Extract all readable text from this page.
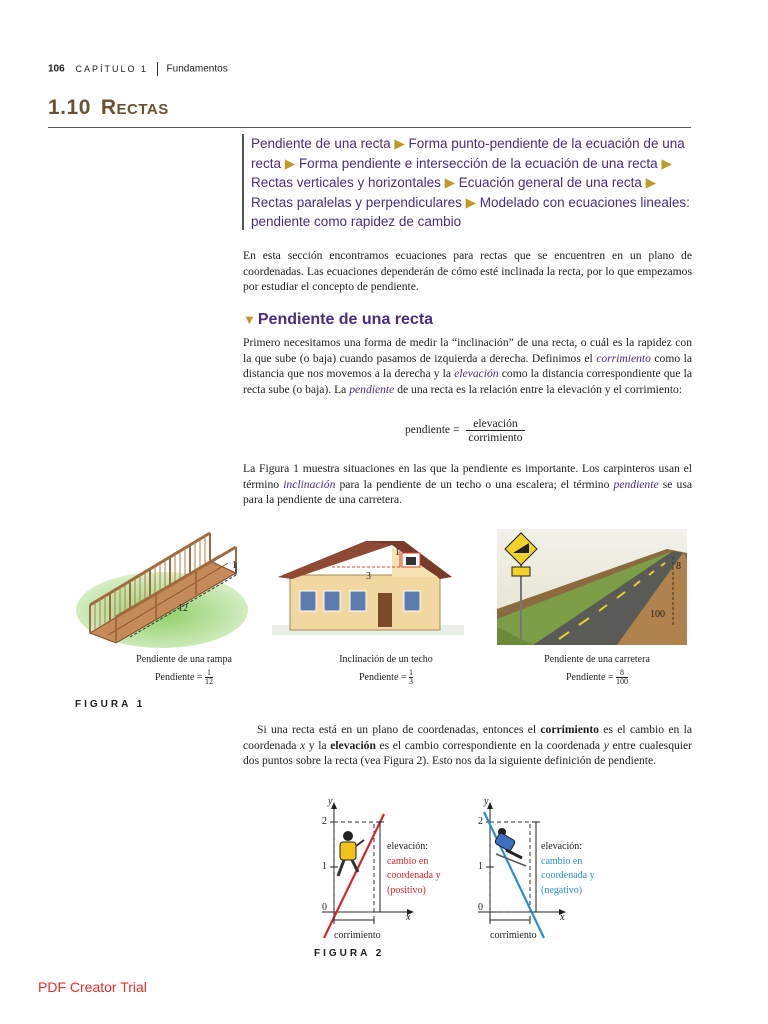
106 CAPÍTULO 1 Fundamentos
1.10 Rectas
Pendiente de una recta ▶ Forma punto-pendiente de la ecuación de una recta ▶ Forma pendiente e intersección de la ecuación de una recta ▶ Rectas verticales y horizontales ▶ Ecuación general de una recta ▶ Rectas paralelas y perpendiculares ▶ Modelado con ecuaciones lineales: pendiente como rapidez de cambio
En esta sección encontramos ecuaciones para rectas que se encuentren en un plano de coordenadas. Las ecuaciones dependerán de cómo esté inclinada la recta, por lo que empezamos por estudiar el concepto de pendiente.
▼ Pendiente de una recta
Primero necesitamos una forma de medir la “inclinación” de una recta, o cuál es la rapidez con la que sube (o baja) cuando pasamos de izquierda a derecha. Definimos el corrimiento como la distancia que nos movemos a la derecha y la elevación como la distancia correspondiente que la recta sube (o baja). La pendiente de una recta es la relación entre la elevación y el corrimiento:
pendiente = $\frac{\text{elevación}}{\text{corrimiento}}$
La Figura 1 muestra situaciones en las que la pendiente es importante. Los carpinteros usan el término inclinación para la pendiente de un techo o una escalera; el término pendiente se usa para la pendiente de una carretera.
1
12
1
3
8
100
Pendiente de una rampa
Pendiente = $\frac{1}{12}$
Inclinación de un techo
Pendiente = $\frac{1}{3}$
Pendiente de una carretera
Pendiente = $\frac{8}{100}$
FIGURA 1
Si una recta está en un plano de coordenadas, entonces el corrimiento es el cambio en la coordenada x y la elevación es el cambio correspondiente en la coordenada y entre cualesquier dos puntos sobre la recta (vea Figura 2). Esto nos da la siguiente definición de pendiente.
y
x
2
1
0
corrimiento
elevación:
cambio en
coordenada y
(positivo)
y
x
2
1
0
corrimiento
elevación:
cambio en
coordenada y
(negativo)
FIGURA 2
PDF Creator Trial
